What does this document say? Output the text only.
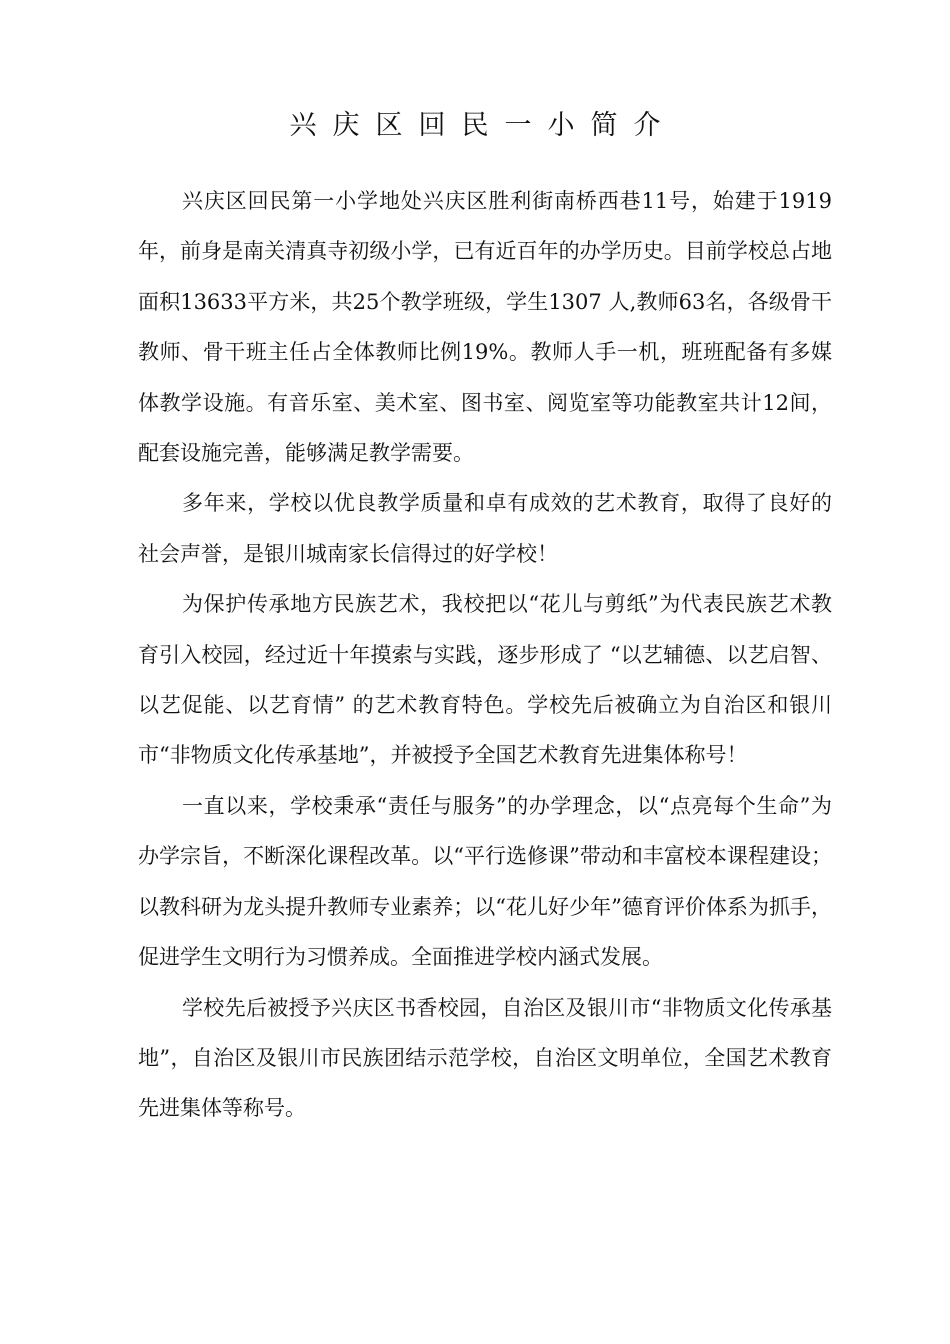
兴庆区回民一小简介

兴庆区回民第一小学地处兴庆区胜利街南桥西巷11号，始建于1919年，前身是南关清真寺初级小学，已有近百年的办学历史。目前学校总占地面积13633平方米，共25个教学班级，学生1307 人,教师63名，各级骨干教师、骨干班主任占全体教师比例19%。教师人手一机，班班配备有多媒体教学设施。有音乐室、美术室、图书室、阅览室等功能教室共计12间，配套设施完善，能够满足教学需要。

多年来，学校以优良教学质量和卓有成效的艺术教育，取得了良好的社会声誉，是银川城南家长信得过的好学校！

为保护传承地方民族艺术，我校把以“花儿与剪纸”为代表民族艺术教育引入校园，经过近十年摸索与实践，逐步形成了 “以艺辅德、以艺启智、以艺促能、以艺育情” 的艺术教育特色。学校先后被确立为自治区和银川市“非物质文化传承基地”，并被授予全国艺术教育先进集体称号！

一直以来，学校秉承“责任与服务”的办学理念，以“点亮每个生命”为办学宗旨，不断深化课程改革。以“平行选修课”带动和丰富校本课程建设；以教科研为龙头提升教师专业素养；以“花儿好少年”德育评价体系为抓手，促进学生文明行为习惯养成。全面推进学校内涵式发展。

学校先后被授予兴庆区书香校园，自治区及银川市“非物质文化传承基地”，自治区及银川市民族团结示范学校，自治区文明单位，全国艺术教育先进集体等称号。
